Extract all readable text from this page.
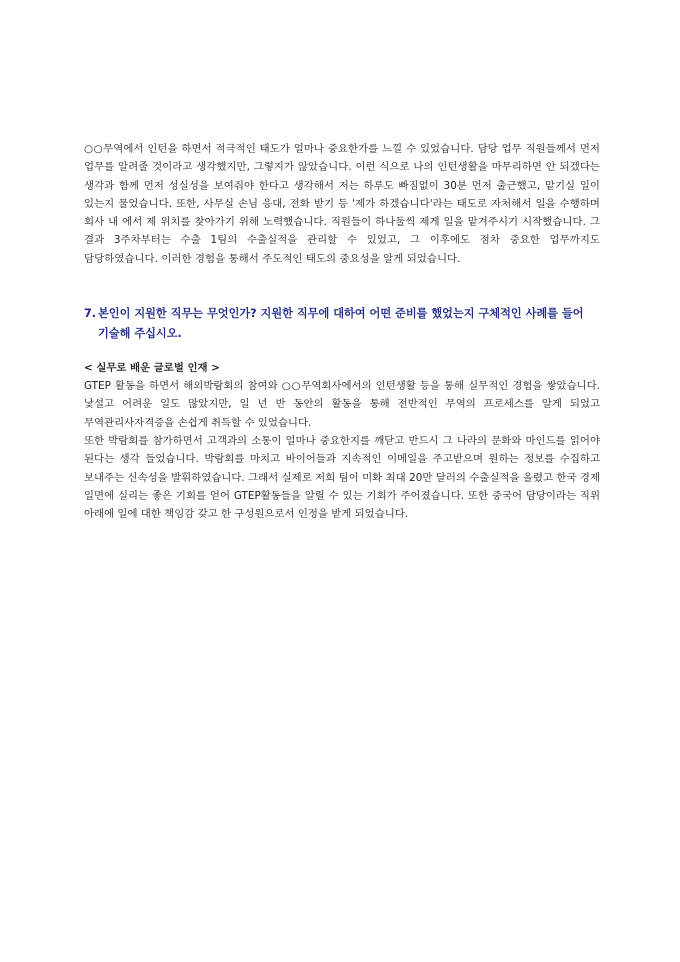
○○무역에서 인턴을 하면서 적극적인 태도가 얼마나 중요한가를 느낄 수 있었습니다. 담당 업무 직원들께서 먼저 업무를 알려줄 것이라고 생각했지만, 그렇지가 않았습니다. 이런 식으로 나의 인턴생활을 마무리하면 안 되겠다는 생각과 함께 먼저 성실성을 보여줘야 한다고 생각해서 저는 하루도 빠짐없이 30분 먼저 출근했고, 맡기실 일이 있는지 물었습니다. 또한, 사무실 손님 응대, 전화 받기 등 '제가 하겠습니다'라는 태도로 자처해서 일을 수행하며 회사 내 에서 제 위치를 찾아가기 위해 노력했습니다. 직원들이 하나둘씩 제게 일을 맡겨주시기 시작했습니다. 그 결과 3주차부터는 수출 1팀의 수출실적을 관리할 수 있었고, 그 이후에도 점차 중요한 업무까지도 담당하였습니다. 이러한 경험을 통해서 주도적인 태도의 중요성을 알게 되었습니다.

7. 본인이 지원한 직무는 무엇인가? 지원한 직무에 대하여 어떤 준비를 했었는지 구체적인 사례를 들어 기술해 주십시오.

< 실무로 배운 글로벌 인재 >

GTEP 활동을 하면서 해외박람회의 참여와 ○○무역회사에서의 인턴생활 등을 통해 실무적인 경험을 쌓았습니다. 낯설고 어려운 일도 많았지만, 일 년 반 동안의 활동을 통해 전반적인 무역의 프로세스를 알게 되었고 무역관리사자격증을 손쉽게 취득할 수 있었습니다.

또한 박람회를 참가하면서 고객과의 소통이 얼마나 중요한지를 깨닫고 반드시 그 나라의 문화와 마인드를 읽어야 된다는 생각 들었습니다. 박람회를 마치고 바이어들과 지속적인 이메일을 주고받으며 원하는 정보를 수집하고 보내주는 신속성을 발휘하였습니다. 그래서 실제로 저희 팀이 미화 최대 20만 달러의 수출실적을 올렸고 한국 경제 일면에 실리는 좋은 기회를 얻어 GTEP활동들을 알릴 수 있는 기회가 주어졌습니다. 또한 중국어 담당이라는 직위 아래에 일에 대한 책임감 갖고 한 구성원으로서 인정을 받게 되었습니다.
